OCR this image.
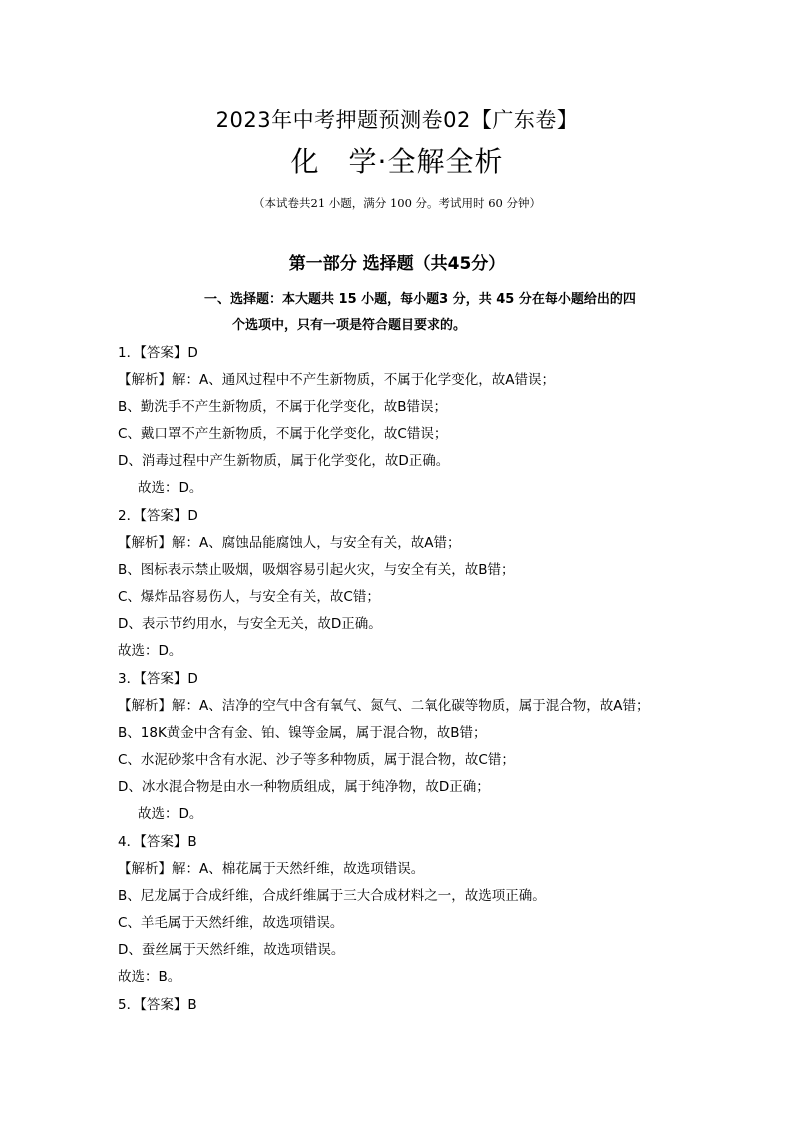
2023年中考押题预测卷02【广东卷】
化　学·全解全析
（本试卷共21 小题，满分 100 分。考试用时 60 分钟）
第一部分 选择题（共45分）
一、选择题：本大题共 15 小题，每小题3 分，共 45 分在每小题给出的四
个选项中，只有一项是符合题目要求的。
1．【答案】D
【解析】解：A、通风过程中不产生新物质，不属于化学变化，故A错误；
B、勤洗手不产生新物质，不属于化学变化，故B错误；
C、戴口罩不产生新物质，不属于化学变化，故C错误；
D、消毒过程中产生新物质，属于化学变化，故D正确。
故选：D。
2．【答案】D
【解析】解：A、腐蚀品能腐蚀人，与安全有关，故A错；
B、图标表示禁止吸烟，吸烟容易引起火灾，与安全有关，故B错；
C、爆炸品容易伤人，与安全有关，故C错；
D、表示节约用水，与安全无关，故D正确。
故选：D。
3．【答案】D
【解析】解：A、洁净的空气中含有氧气、氮气、二氧化碳等物质，属于混合物，故A错；
B、18K黄金中含有金、铂、镍等金属，属于混合物，故B错；
C、水泥砂浆中含有水泥、沙子等多种物质，属于混合物，故C错；
D、冰水混合物是由水一种物质组成，属于纯净物，故D正确；
故选：D。
4．【答案】B
【解析】解：A、棉花属于天然纤维，故选项错误。
B、尼龙属于合成纤维，合成纤维属于三大合成材料之一，故选项正确。
C、羊毛属于天然纤维，故选项错误。
D、蚕丝属于天然纤维，故选项错误。
故选：B。
5．【答案】B
